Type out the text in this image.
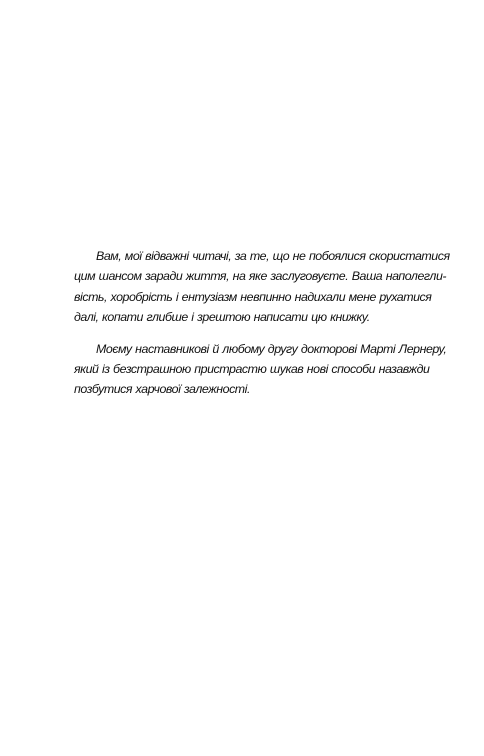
Вам, мої відважні читачі, за те, що не побоялися скористатися
цим шансом заради життя, на яке заслуговуєте. Ваша наполегли-
вість, хоробрість і ентузіазм невпинно надихали мене рухатися
далі, копати глибше і зрештою написати цю книжку.
Моєму наставникові й любому другу докторові Марті Лернеру,
який із безстрашною пристрастю шукав нові способи назавжди
позбутися харчової залежності.
